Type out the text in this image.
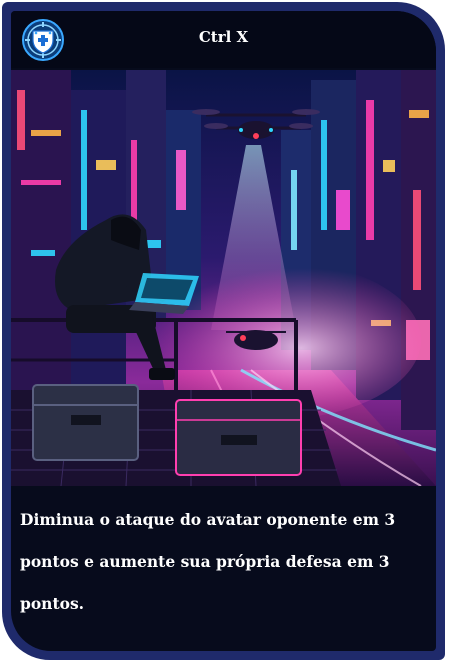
Ctrl X
Diminua o ataque do avatar oponente em 3 pontos e aumente sua própria defesa em 3 pontos.
